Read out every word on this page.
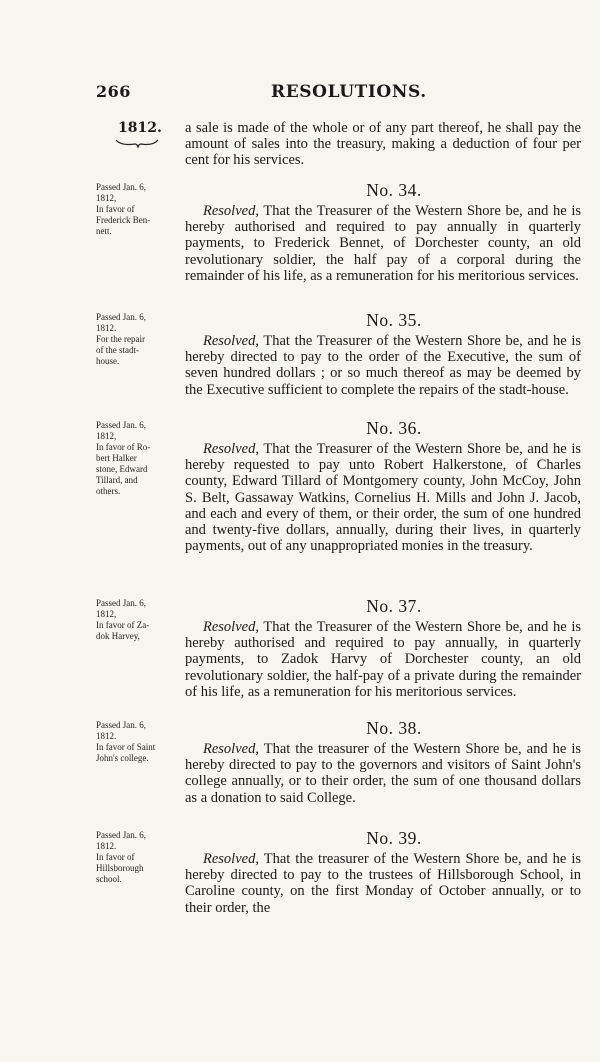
266	RESOLUTIONS.
1812. a sale is made of the whole or of any part thereof, he shall pay the amount of sales into the treasury, making a deduction of four per cent for his services.

Passed Jan. 6,
1812,
In favor of
Frederick Ben-
nett.
No. 34.

Resolved, That the Treasurer of the Western Shore be, and he is hereby authorised and required to pay annually in quarterly payments, to Frederick Bennet, of Dorchester county, an old revolutionary soldier, the half pay of a corporal during the remainder of his life, as a remuneration for his meritorious services.

Passed Jan. 6,
1812.
For the repair
of the stadt-
house.
No. 35.

Resolved, That the Treasurer of the Western Shore be, and he is hereby directed to pay to the order of the Executive, the sum of seven hundred dollars ; or so much thereof as may be deemed by the Executive sufficient to complete the repairs of the stadt-house.

Passed Jan. 6,
1812,
In favor of Ro-
bert Halker
stone, Edward
Tillard, and
others.
No. 36.

Resolved, That the Treasurer of the Western Shore be, and he is hereby requested to pay unto Robert Halkerstone, of Charles county, Edward Tillard of Montgomery county, John McCoy, John S. Belt, Gassaway Watkins, Cornelius H. Mills and John J. Jacob, and each and every of them, or their order, the sum of one hundred and twenty-five dollars, annually, during their lives, in quarterly payments, out of any unappropriated monies in the treasury.

Passed Jan. 6,
1812,
In favor of Za-
dok Harvey,
No. 37.

Resolved, That the Treasurer of the Western Shore be, and he is hereby authorised and required to pay annually, in quarterly payments, to Zadok Harvy of Dorchester county, an old revolutionary soldier, the half-pay of a private during the remainder of his life, as a remuneration for his meritorious services.

Passed Jan. 6,
1812.
In favor of Saint
John's college.
No. 38.

Resolved, That the treasurer of the Western Shore be, and he is hereby directed to pay to the governors and visitors of Saint John's college annually, or to their order, the sum of one thousand dollars as a donation to said College.

Passed Jan. 6,
1812.
In favor of
Hillsborough
school.
No. 39.

Resolved, That the treasurer of the Western Shore be, and he is hereby directed to pay to the trustees of Hillsborough School, in Caroline county, on the first Monday of October annually, or to their order, the
